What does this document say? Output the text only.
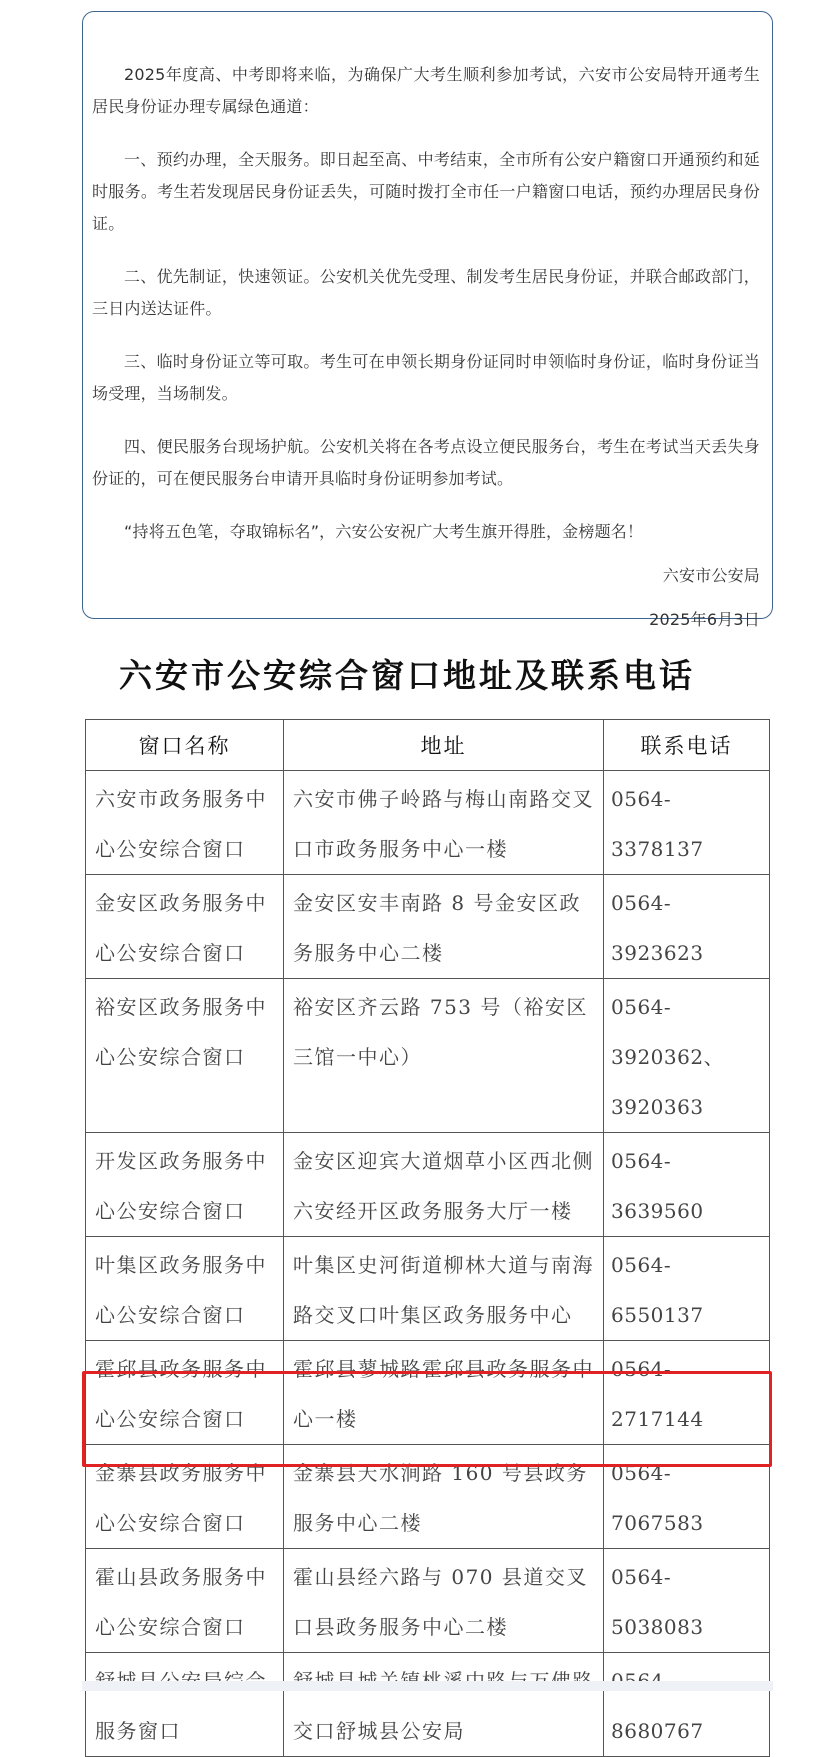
2025年度高、中考即将来临，为确保广大考生顺利参加考试，六安市公安局特开通考生居民身份证办理专属绿色通道：

一、预约办理，全天服务。即日起至高、中考结束，全市所有公安户籍窗口开通预约和延时服务。考生若发现居民身份证丢失，可随时拨打全市任一户籍窗口电话，预约办理居民身份证。

二、优先制证，快速领证。公安机关优先受理、制发考生居民身份证，并联合邮政部门，三日内送达证件。

三、临时身份证立等可取。考生可在申领长期身份证同时申领临时身份证，临时身份证当场受理，当场制发。

四、便民服务台现场护航。公安机关将在各考点设立便民服务台，考生在考试当天丢失身份证的，可在便民服务台申请开具临时身份证明参加考试。

“持将五色笔，夺取锦标名”，六安公安祝广大考生旗开得胜，金榜题名！

六安市公安局

2025年6月3日

六安市公安综合窗口地址及联系电话
窗口名称	地址	联系电话
六安市政务服务中心公安综合窗口	六安市佛子岭路与梅山南路交叉口市政务服务中心一楼	0564-3378137
金安区政务服务中心公安综合窗口	金安区安丰南路 8 号金安区政务服务中心二楼	0564-3923623
裕安区政务服务中心公安综合窗口	裕安区齐云路 753 号（裕安区三馆一中心）	0564-3920362、3920363
开发区政务服务中心公安综合窗口	金安区迎宾大道烟草小区西北侧六安经开区政务服务大厅一楼	0564-3639560
叶集区政务服务中心公安综合窗口	叶集区史河街道柳林大道与南海路交叉口叶集区政务服务中心	0564-6550137
霍邱县政务服务中心公安综合窗口	霍邱县蓼城路霍邱县政务服务中心一楼	0564-2717144
金寨县政务服务中心公安综合窗口	金寨县天水涧路 160 号县政务服务中心二楼	0564-7067583
霍山县政务服务中心公安综合窗口	霍山县经六路与 070 县道交叉口县政务服务中心二楼	0564-5038083
服务窗口	交口舒城县公安局	8680767
